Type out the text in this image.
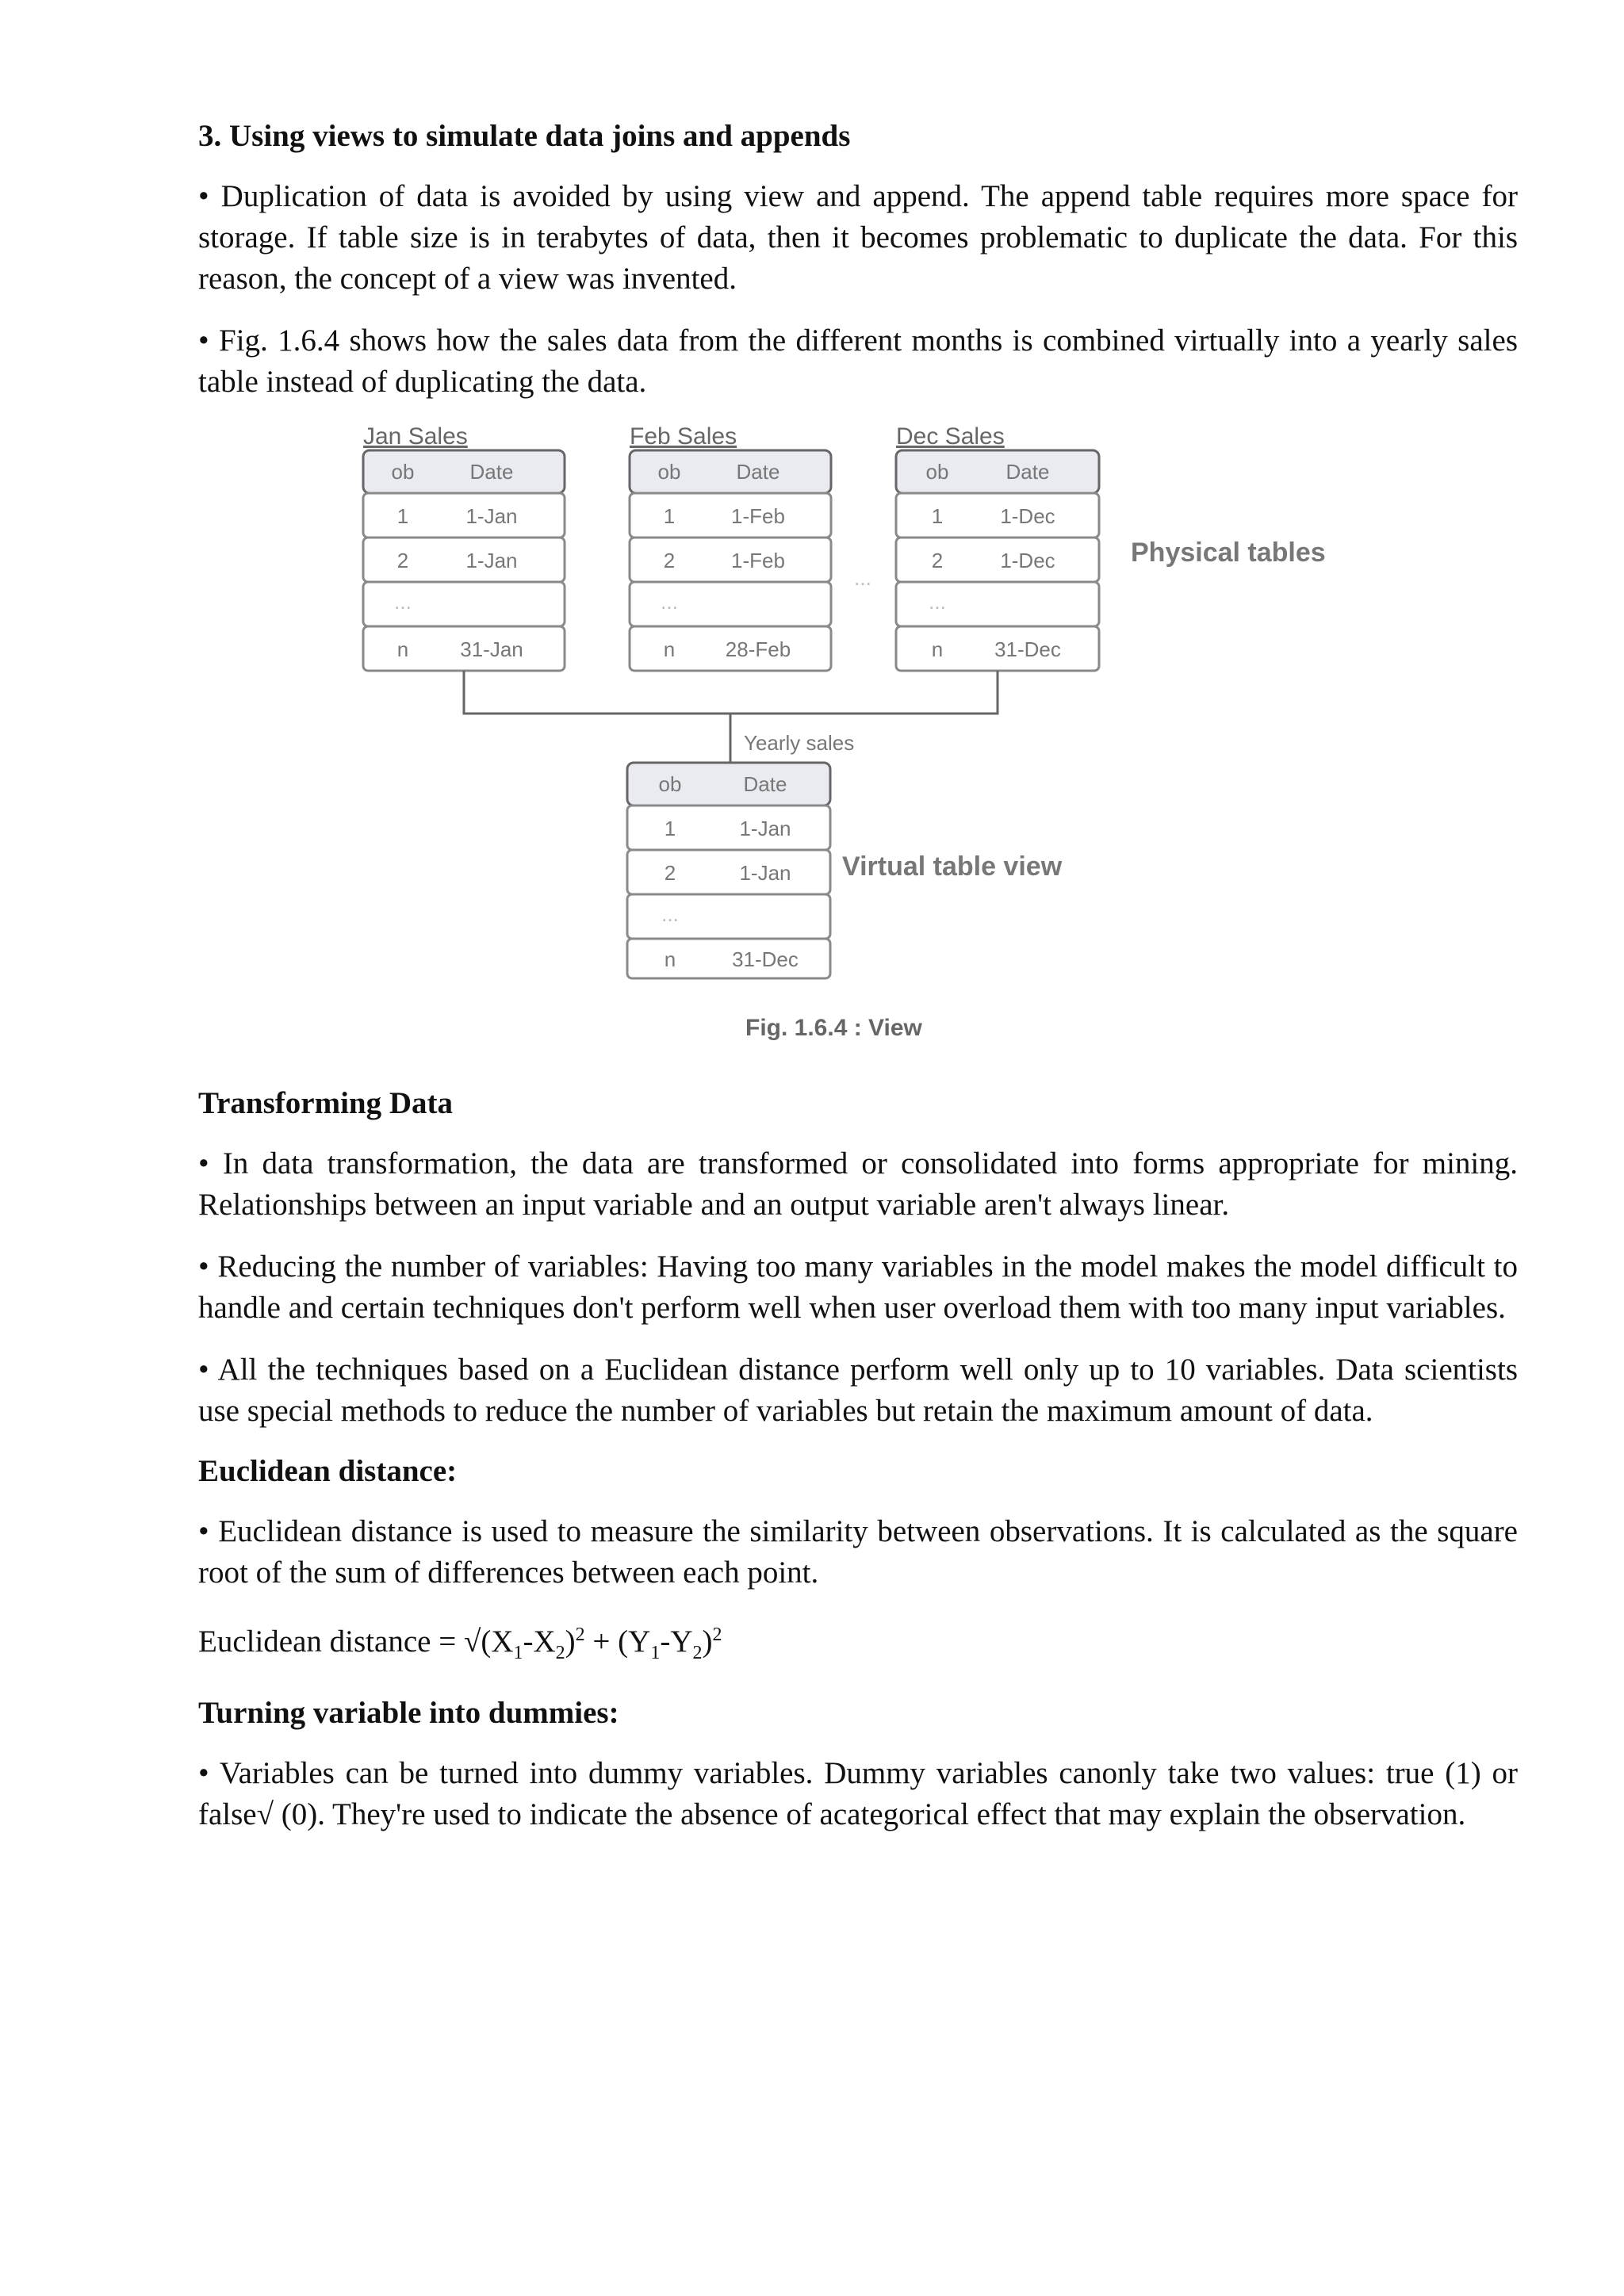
3. Using views to simulate data joins and appends

• Duplication of data is avoided by using view and append. The append table requires more space for storage. If table size is in terabytes of data, then it becomes problematic to duplicate the data. For this reason, the concept of a view was invented.

• Fig. 1.6.4 shows how the sales data from the different months is combined virtually into a yearly sales table instead of duplicating the data.

Jan Sales
ob	Date
1	1-Jan
2	1-Jan
...
n	31-Jan
Feb Sales
ob	Date
1	1-Feb
2	1-Feb
...
n 28-Feb
...
Dec Sales
ob	Date
1	1-Dec
2	1-Dec
...
n 31-Dec
Physical tables
Yearly sales
ob	Date
1	1-Jan
2	1-Jan
...
n	31-Dec
Virtual table view
Fig. 1.6.4 : View
Transforming Data

• In data transformation, the data are transformed or consolidated into forms appropriate for mining. Relationships between an input variable and an output variable aren't always linear.

• Reducing the number of variables: Having too many variables in the model makes the model difficult to handle and certain techniques don't perform well when user overload them with too many input variables.

• All the techniques based on a Euclidean distance perform well only up to 10 variables. Data scientists use special methods to reduce the number of variables but retain the maximum amount of data.

Euclidean distance:

• Euclidean distance is used to measure the similarity between observations. It is calculated as the square root of the sum of differences between each point.

Euclidean distance = $√(X_1-X_2)^2 + (Y_1-Y_2)^2$

Turning variable into dummies:

• Variables can be turned into dummy variables. Dummy variables canonly take two values: true (1) or false√ (0). They're used to indicate the absence of acategorical effect that may explain the observation.
